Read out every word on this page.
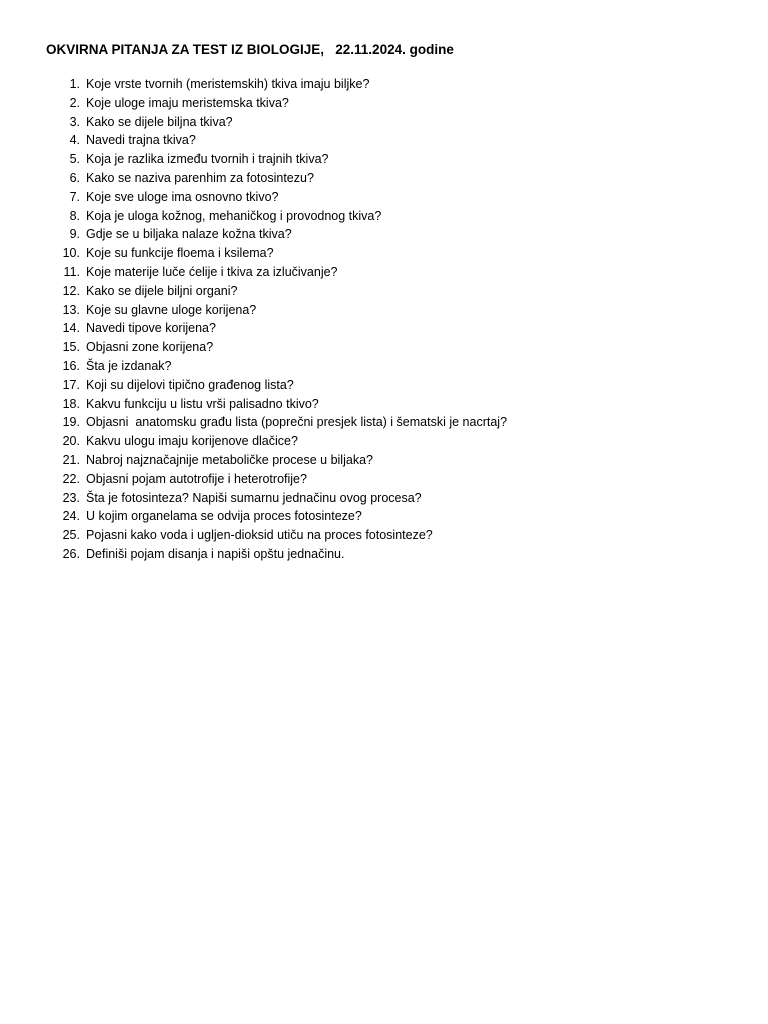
OKVIRNA PITANJA ZA TEST IZ BIOLOGIJE,   22.11.2024. godine
1. Koje vrste tvornih (meristemskih) tkiva imaju biljke?
2. Koje uloge imaju meristemska tkiva?
3. Kako se dijele biljna tkiva?
4. Navedi trajna tkiva?
5. Koja je razlika između tvornih i trajnih tkiva?
6. Kako se naziva parenhim za fotosintezu?
7. Koje sve uloge ima osnovno tkivo?
8. Koja je uloga kožnog, mehaničkog i provodnog tkiva?
9. Gdje se u biljaka nalaze kožna tkiva?
10. Koje su funkcije floema i ksilema?
11. Koje materije luče ćelije i tkiva za izlučivanje?
12. Kako se dijele biljni organi?
13. Koje su glavne uloge korijena?
14. Navedi tipove korijena?
15. Objasni zone korijena?
16. Šta je izdanak?
17. Koji su dijelovi tipično građenog lista?
18. Kakvu funkciju u listu vrši palisadno tkivo?
19. Objasni  anatomsku građu lista (poprečni presjek lista) i šematski je nacrtaj?
20. Kakvu ulogu imaju korijenove dlačice?
21. Nabroj najznačajnije metaboličke procese u biljaka?
22. Objasni pojam autotrofije i heterotrofije?
23. Šta je fotosinteza? Napiši sumarnu jednačinu ovog procesa?
24. U kojim organelama se odvija proces fotosinteze?
25. Pojasni kako voda i ugljen-dioksid utiču na proces fotosinteze?
26. Definiši pojam disanja i napiši opštu jednačinu.
